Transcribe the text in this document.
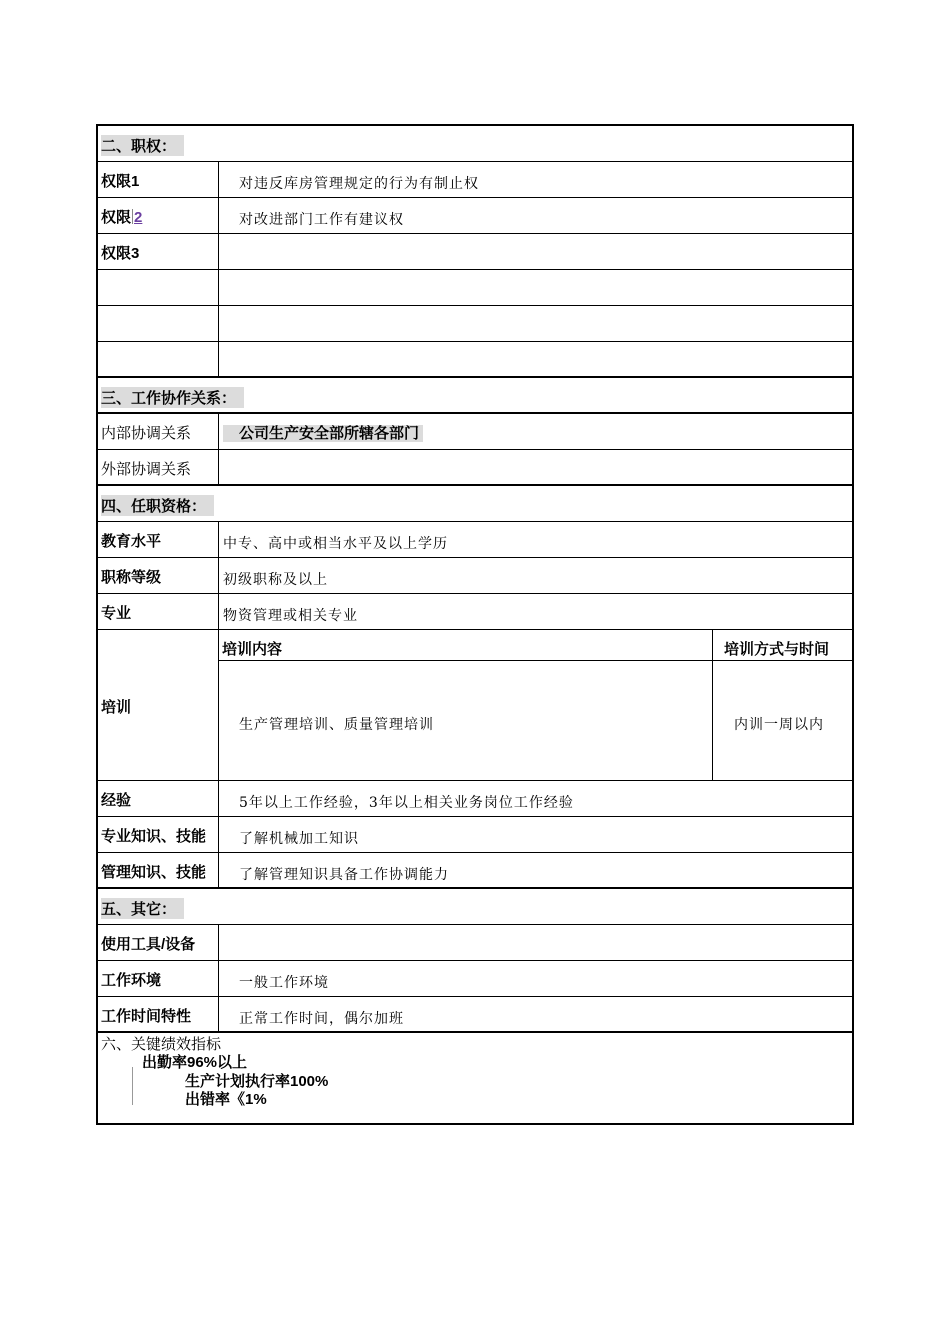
二、职权：
权限1	对违反库房管理规定的行为有制止权
权限 2	对改进部门工作有建议权
权限3
三、工作协作关系：
内部协调关系	公司生产安全部所辖各部门
外部协调关系
四、任职资格：
教育水平	中专、高中或相当水平及以上学历
职称等级	初级职称及以上
专业	物资管理或相关专业
培训
培训内容	培训方式与时间
生产管理培训、质量管理培训	内训一周以内
经验	5年以上工作经验，3年以上相关业务岗位工作经验
专业知识、技能	了解机械加工知识
管理知识、技能	了解管理知识具备工作协调能力
五、其它：
使用工具/设备
工作环境	一般工作环境
工作时间特性	正常工作时间，偶尔加班
六、关键绩效指标
出勤率96%以上
生产计划执行率100%
出错率《1%
